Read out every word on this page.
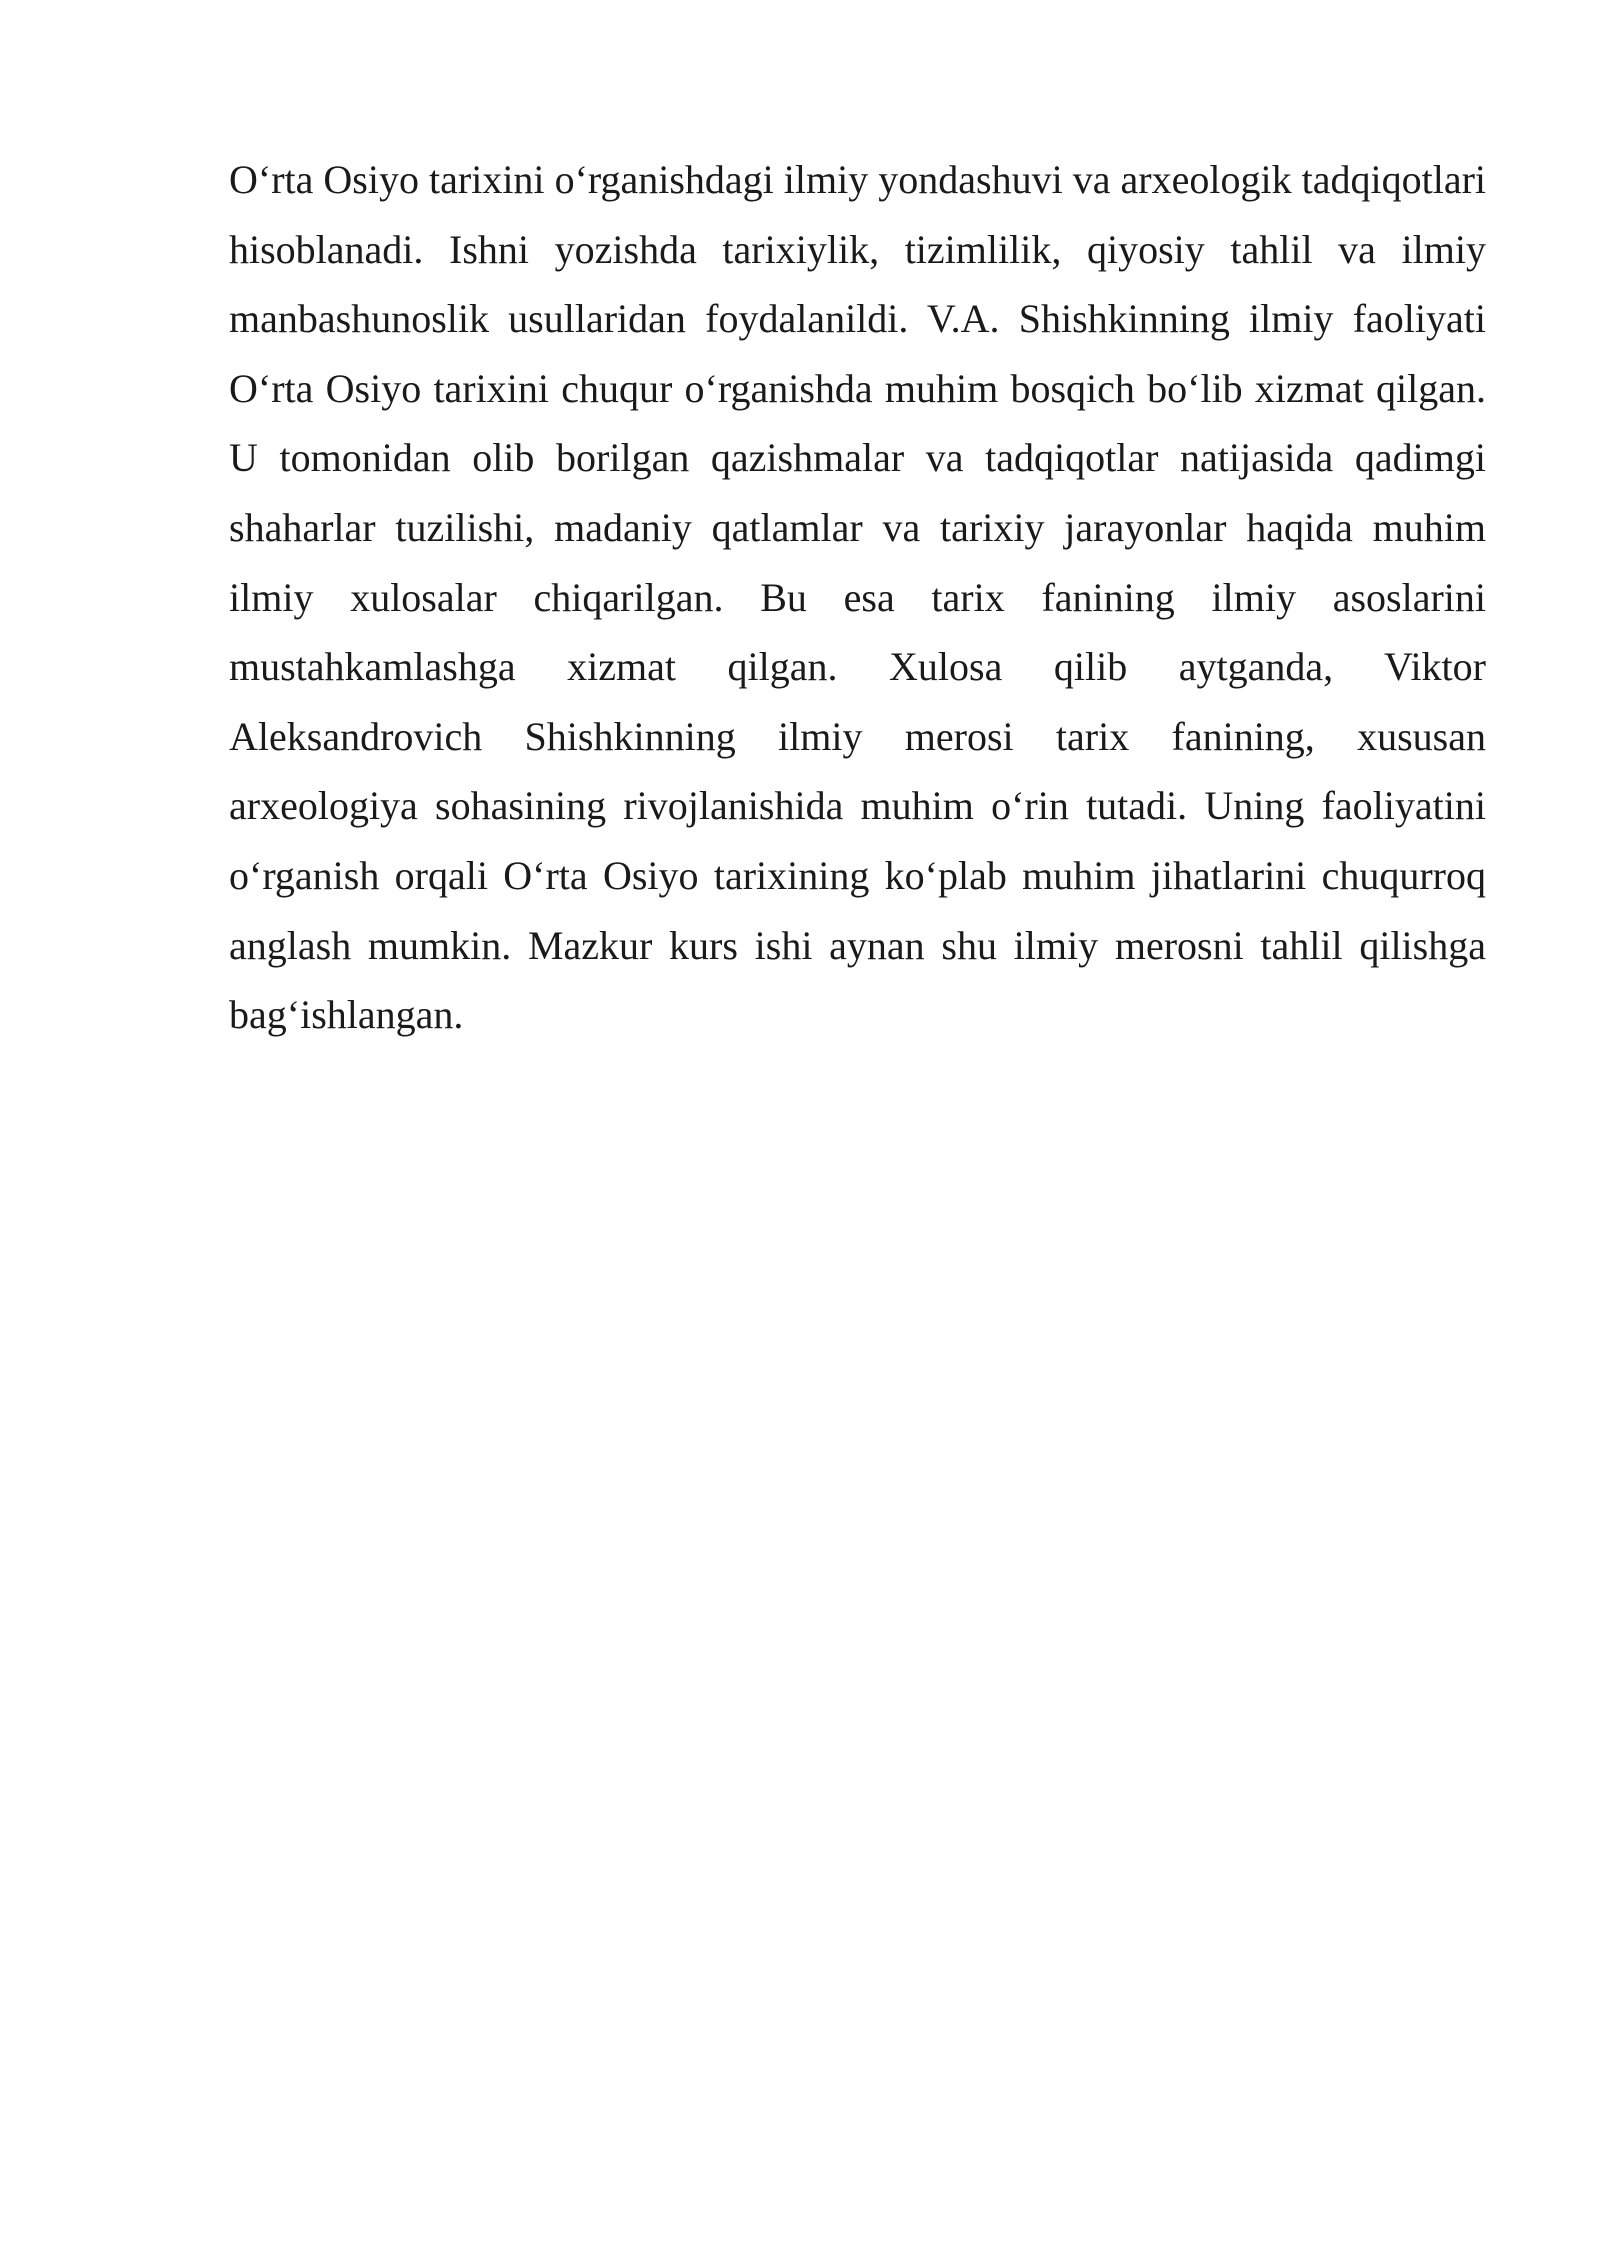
O‘rta Osiyo tarixini o‘rganishdagi ilmiy yondashuvi va arxeologik tadqiqotlari hisoblanadi. Ishni yozishda tarixiylik, tizimlilik, qiyosiy tahlil va ilmiy manbashunoslik usullaridan foydalanildi. V.A. Shishkinning ilmiy faoliyati O‘rta Osiyo tarixini chuqur o‘rganishda muhim bosqich bo‘lib xizmat qilgan. U tomonidan olib borilgan qazishmalar va tadqiqotlar natijasida qadimgi shaharlar tuzilishi, madaniy qatlamlar va tarixiy jarayonlar haqida muhim ilmiy xulosalar chiqarilgan. Bu esa tarix fanining ilmiy asoslarini mustahkamlashga xizmat qilgan. Xulosa qilib aytganda, Viktor Aleksandrovich Shishkinning ilmiy merosi tarix fanining, xususan arxeologiya sohasining rivojlanishida muhim o‘rin tutadi. Uning faoliyatini o‘rganish orqali O‘rta Osiyo tarixining ko‘plab muhim jihatlarini chuqurroq anglash mumkin. Mazkur kurs ishi aynan shu ilmiy merosni tahlil qilishga bag‘ishlangan.
